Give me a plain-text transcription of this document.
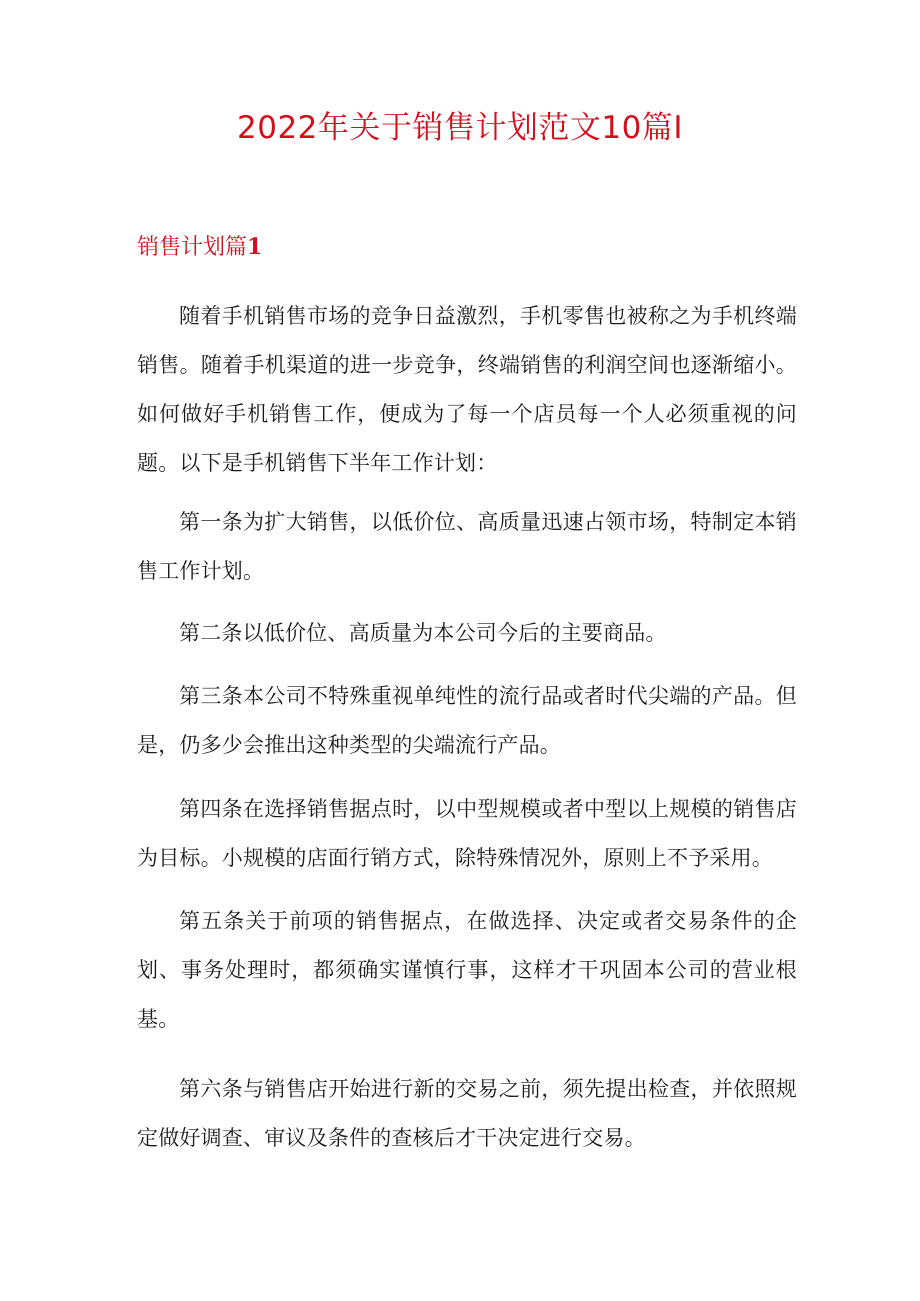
2022年关于销售计划范文10篇I
销售计划篇1

随着手机销售市场的竞争日益激烈，手机零售也被称之为手机终端销售。随着手机渠道的进一步竞争，终端销售的利润空间也逐渐缩小。如何做好手机销售工作，便成为了每一个店员每一个人必须重视的问题。以下是手机销售下半年工作计划：

第一条为扩大销售，以低价位、高质量迅速占领市场，特制定本销售工作计划。

第二条以低价位、高质量为本公司今后的主要商品。

第三条本公司不特殊重视单纯性的流行品或者时代尖端的产品。但是，仍多少会推出这种类型的尖端流行产品。

第四条在选择销售据点时，以中型规模或者中型以上规模的销售店为目标。小规模的店面行销方式，除特殊情况外，原则上不予采用。

第五条关于前项的销售据点，在做选择、决定或者交易条件的企划、事务处理时，都须确实谨慎行事，这样才干巩固本公司的营业根基。

第六条与销售店开始进行新的交易之前，须先提出检查，并依照规定做好调查、审议及条件的查核后才干决定进行交易。
